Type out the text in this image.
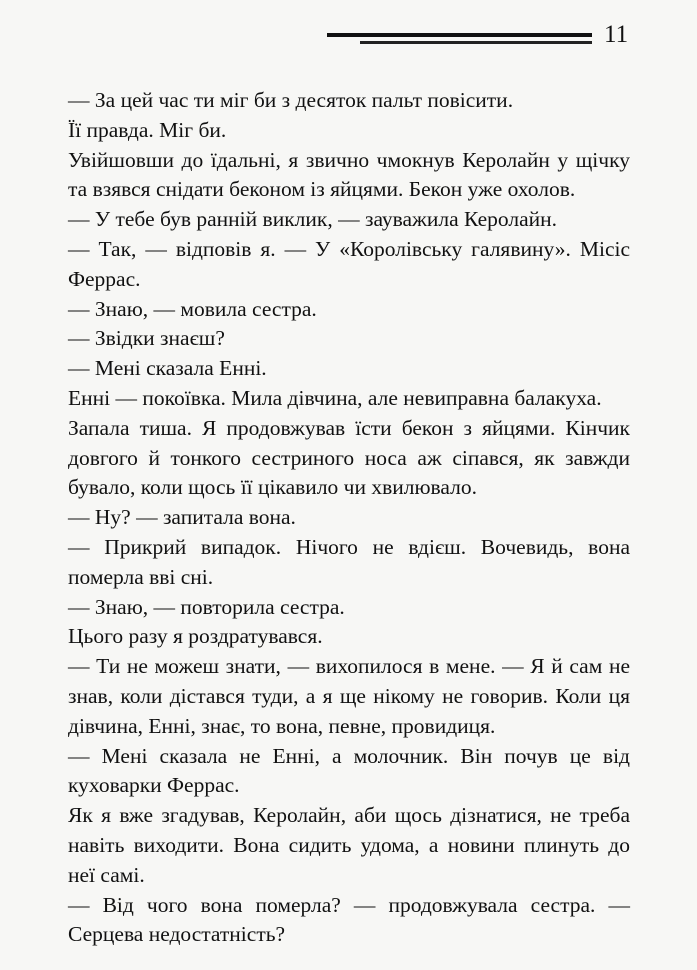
11

— За цей час ти міг би з десяток пальт повісити.

Її правда. Міг би.

Увійшовши до їдальні, я звично чмокнув Керолайн у щічку та взявся снідати беконом із яйцями. Бекон уже охолов.

— У тебе був ранній виклик, — зауважила Керолайн.

— Так, — відповів я. — У «Королівську галявину». Місіс Феррас.

— Знаю, — мовила сестра.

— Звідки знаєш?

— Мені сказала Енні.

Енні — покоївка. Мила дівчина, але невиправна балакуха.

Запала тиша. Я продовжував їсти бекон з яйцями. Кінчик довгого й тонкого сестриного носа аж сіпався, як завжди бувало, коли щось її цікавило чи хвилювало.

— Ну? — запитала вона.

— Прикрий випадок. Нічого не вдієш. Вочевидь, вона померла вві сні.

— Знаю, — повторила сестра.

Цього разу я роздратувався.

— Ти не можеш знати, — вихопилося в мене. — Я й сам не знав, коли дістався туди, а я ще нікому не говорив. Коли ця дівчина, Енні, знає, то вона, певне, провидиця.

— Мені сказала не Енні, а молочник. Він почув це від куховарки Феррас.

Як я вже згадував, Керолайн, аби щось дізнатися, не треба навіть виходити. Вона сидить удома, а новини плинуть до неї самі.

— Від чого вона померла? — продовжувала сестра. — Серцева недостатність?
